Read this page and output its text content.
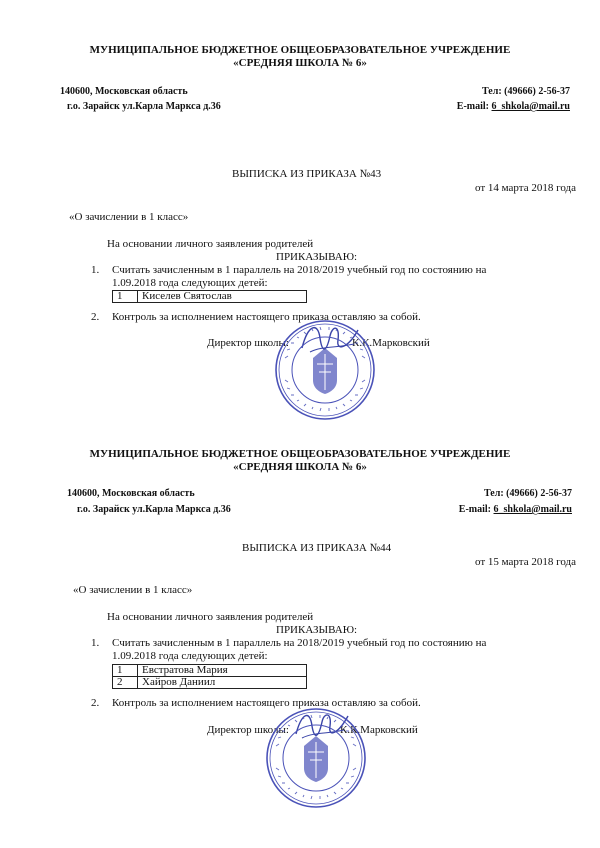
МУНИЦИПАЛЬНОЕ БЮДЖЕТНОЕ ОБЩЕОБРАЗОВАТЕЛЬНОЕ УЧРЕЖДЕНИЕ
«СРЕДНЯЯ ШКОЛА № 6»
140600, Московская область
г.о. Зарайск ул.Карла Маркса д.36
Тел: (49666) 2-56-37
E-mail: 6_shkola@mail.ru
ВЫПИСКА ИЗ ПРИКАЗА №43
от 14 марта 2018 года
«О зачислении в 1 класс»
На основании личного заявления родителей
ПРИКАЗЫВАЮ:
1. Считать зачисленным в 1 параллель на 2018/2019 учебный год по состоянию на
1.09.2018 года следующих детей:
1	Киселев Святослав
2. Контроль за исполнением настоящего приказа оставляю за собой.
Директор школы:	К.К.Марковский
МУНИЦИПАЛЬНОЕ БЮДЖЕТНОЕ ОБЩЕОБРАЗОВАТЕЛЬНОЕ УЧРЕЖДЕНИЕ
«СРЕДНЯЯ ШКОЛА № 6»
140600, Московская область
г.о. Зарайск ул.Карла Маркса д.36
Тел: (49666) 2-56-37
E-mail: 6_shkola@mail.ru
ВЫПИСКА ИЗ ПРИКАЗА №44
от 15 марта 2018 года
«О зачислении в 1 класс»
На основании личного заявления родителей
ПРИКАЗЫВАЮ:
1. Считать зачисленным в 1 параллель на 2018/2019 учебный год по состоянию на
1.09.2018 года следующих детей:
1	Евстратова Мария
2	Хайров Даниил
2. Контроль за исполнением настоящего приказа оставляю за собой.
Директор школы:	К.К.Марковский
